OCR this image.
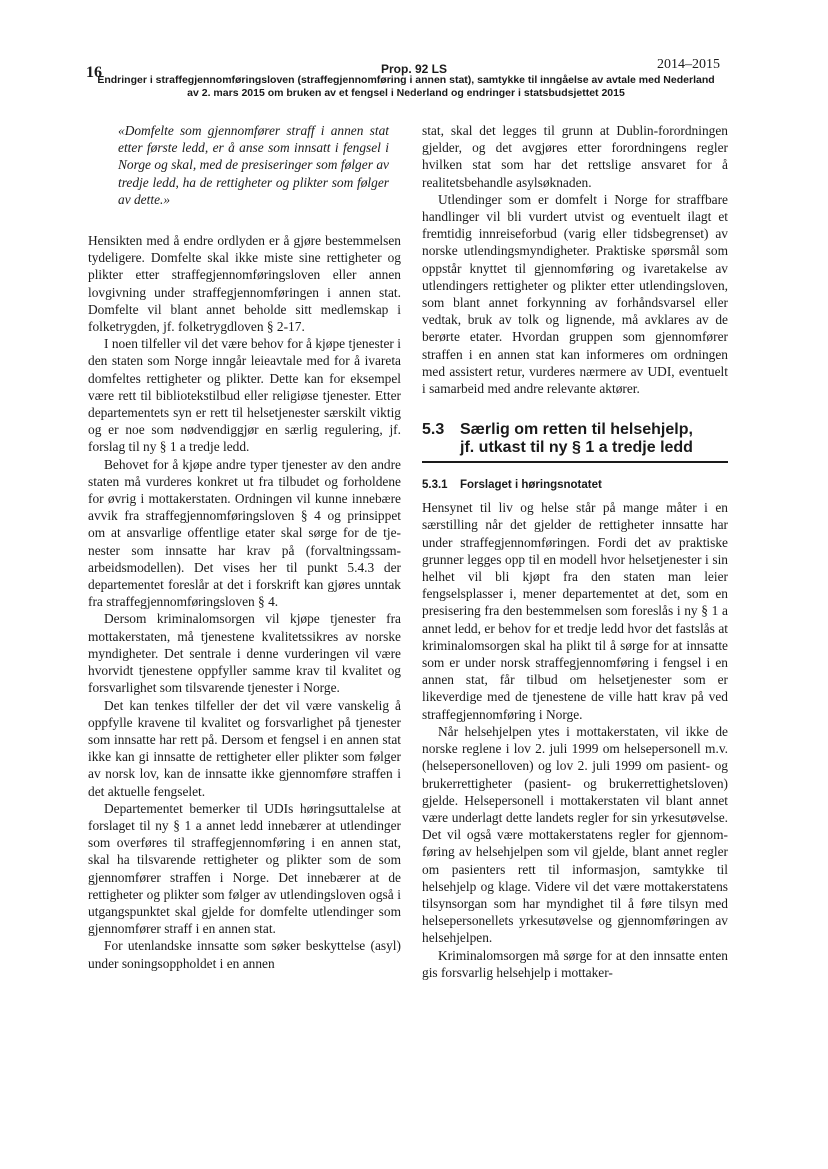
16	Prop. 92 LS	2014–2015
Endringer i straffegjennomføringsloven (straffegjennomføring i annen stat), samtykke til inngåelse av avtale med Nederland
av 2. mars 2015 om bruken av et fengsel i Nederland og endringer i statsbudsjettet 2015
«Domfelte som gjennomfører straff i annen stat etter første ledd, er å anse som innsatt i fengsel i Norge og skal, med de presiseringer som følger av tredje ledd, ha de rettigheter og plikter som følger av dette.»

Hensikten med å endre ordlyden er å gjøre bestemmelsen tydeligere. Domfelte skal ikke miste sine rettigheter og plikter etter straffegjennomføringsloven eller annen lovgivning under straffegjennomføringen i annen stat. Domfelte vil blant annet beholde sitt medlemskap i folketrygden, jf. folketrygdloven § 2-17.

I noen tilfeller vil det være behov for å kjøpe tjenester i den staten som Norge inngår leieavtale med for å ivareta domfeltes rettigheter og plikter. Dette kan for eksempel være rett til bibliotekstilbud eller religiøse tjenester. Etter departementets syn er rett til helsetjenester særskilt viktig og er noe som nødvendiggjør en særlig regulering, jf. forslag til ny § 1 a tredje ledd.

Behovet for å kjøpe andre typer tjenester av den andre staten må vurderes konkret ut fra tilbudet og forholdene for øvrig i mottakerstaten. Ordningen vil kunne innebære avvik fra straffegjennomføringsloven § 4 og prinsippet om at ansvarlige offentlige etater skal sørge for de tjenester som innsatte har krav på (forvaltningssamarbeidsmodellen). Det vises her til punkt 5.4.3 der departementet foreslår at det i forskrift kan gjøres unntak fra straffegjennomføringsloven § 4.

Dersom kriminalomsorgen vil kjøpe tjenester fra mottakerstaten, må tjenestene kvalitetssikres av norske myndigheter. Det sentrale i denne vurderingen vil være hvorvidt tjenestene oppfyller samme krav til kvalitet og forsvarlighet som tilsvarende tjenester i Norge.

Det kan tenkes tilfeller der det vil være vanskelig å oppfylle kravene til kvalitet og forsvarlighet på tjenester som innsatte har rett på. Dersom et fengsel i en annen stat ikke kan gi innsatte de rettigheter eller plikter som følger av norsk lov, kan de innsatte ikke gjennomføre straffen i det aktuelle fengselet.

Departementet bemerker til UDIs høringsuttalelse at forslaget til ny § 1 a annet ledd innebærer at utlendinger som overføres til straffegjennomføring i en annen stat, skal ha tilsvarende rettigheter og plikter som de som gjennomfører straffen i Norge. Det innebærer at de rettigheter og plikter som følger av utlendingsloven også i utgangspunktet skal gjelde for domfelte utlendinger som gjennomfører straff i en annen stat.

For utenlandske innsatte som søker beskyttelse (asyl) under soningsoppholdet i en annen

stat, skal det legges til grunn at Dublin-forordningen gjelder, og det avgjøres etter forordningens regler hvilken stat som har det rettslige ansvaret for å realitetsbehandle asylsøknaden.

Utlendinger som er domfelt i Norge for straffbare handlinger vil bli vurdert utvist og eventuelt ilagt et fremtidig innreiseforbud (varig eller tidsbegrenset) av norske utlendingsmyndigheter. Praktiske spørsmål som oppstår knyttet til gjennomføring og ivaretakelse av utlendingers rettigheter og plikter etter utlendingsloven, som blant annet forkynning av forhåndsvarsel eller vedtak, bruk av tolk og lignende, må avklares av de berørte etater. Hvordan gruppen som gjennomfører straffen i en annen stat kan informeres om ordningen med assistert retur, vurderes nærmere av UDI, eventuelt i samarbeid med andre relevante aktører.

5.3 Særlig om retten til helsehjelp,
jf. utkast til ny § 1 a tredje ledd
5.3.1	Forslaget i høringsnotatet

Hensynet til liv og helse står på mange måter i en særstilling når det gjelder de rettigheter innsatte har under straffegjennomføringen. Fordi det av praktiske grunner legges opp til en modell hvor helsetjenester i sin helhet vil bli kjøpt fra den staten man leier fengselsplasser i, mener departementet at det, som en presisering fra den bestemmelsen som foreslås i ny § 1 a annet ledd, er behov for et tredje ledd hvor det fastslås at kriminalomsorgen skal ha plikt til å sørge for at innsatte som er under norsk straffegjennomføring i fengsel i en annen stat, får tilbud om helsetjenester som er likeverdige med de tjenestene de ville hatt krav på ved straffegjennomføring i Norge.

Når helsehjelpen ytes i mottakerstaten, vil ikke de norske reglene i lov 2. juli 1999 om helsepersonell m.v. (helsepersonelloven) og lov 2. juli 1999 om pasient- og brukerrettigheter (pasient- og brukerrettighetsloven) gjelde. Helsepersonell i mottakerstaten vil blant annet være underlagt dette landets regler for sin yrkesutøvelse. Det vil også være mottakerstatens regler for gjennomføring av helsehjelpen som vil gjelde, blant annet regler om pasienters rett til informasjon, samtykke til helsehjelp og klage. Videre vil det være mottakerstatens tilsynsorgan som har myndighet til å føre tilsyn med helsepersonellets yrkesutøvelse og gjennomføringen av helsehjelpen.

Kriminalomsorgen må sørge for at den innsatte enten gis forsvarlig helsehjelp i mottaker-
